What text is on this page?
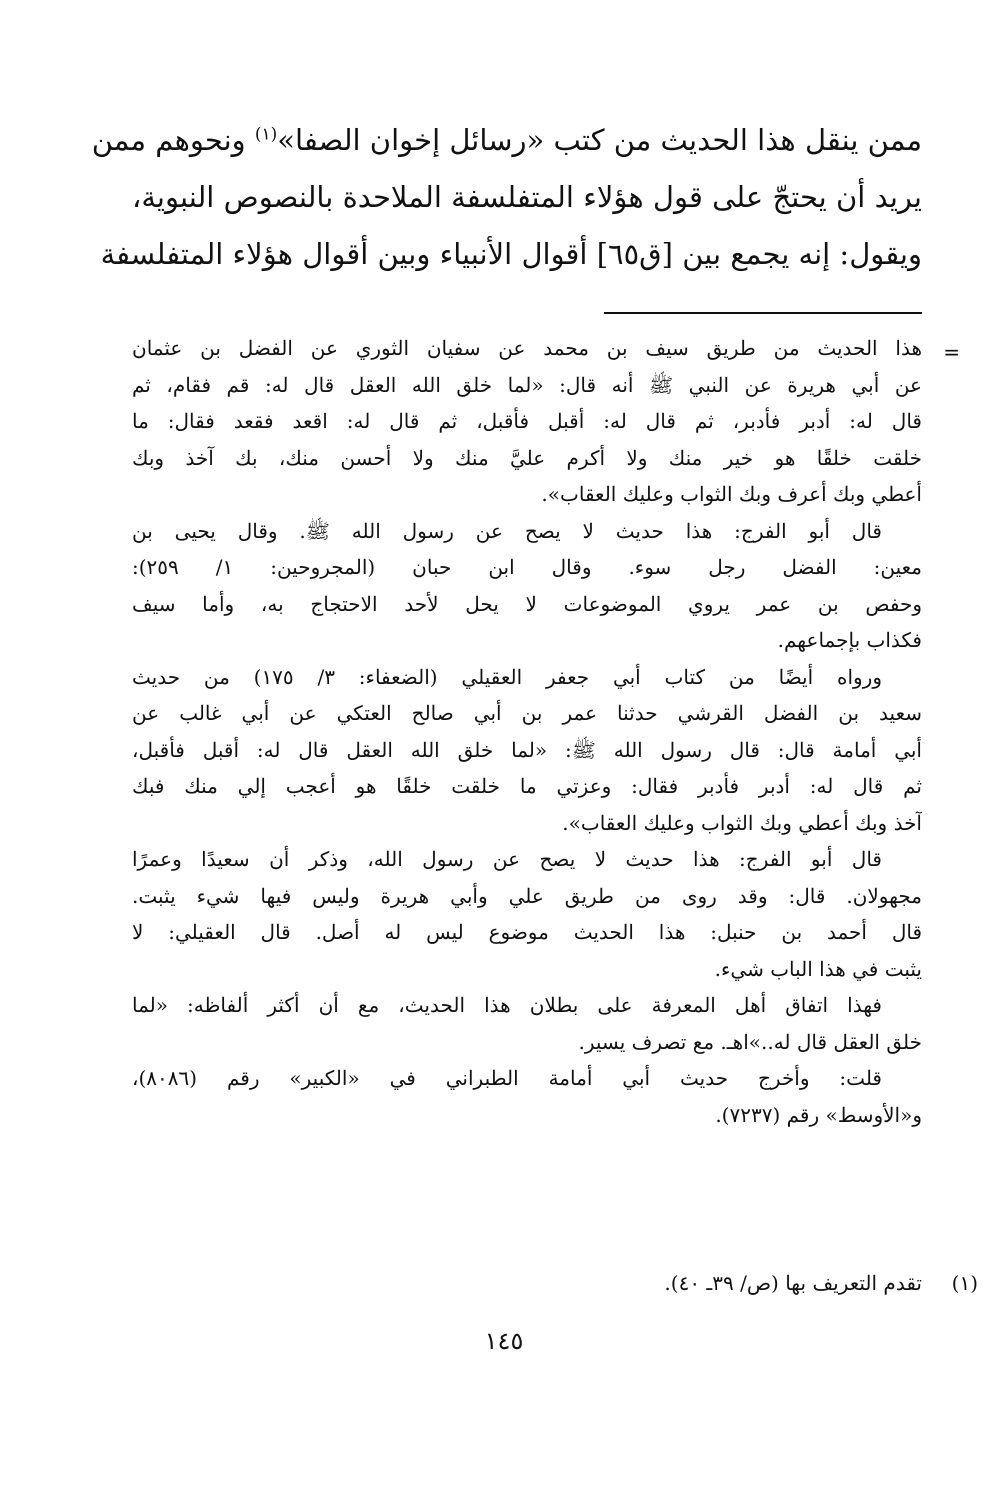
ممن ينقل هذا الحديث من كتب «رسائل إخوان الصفا»$^{(١)}$ ونحوهم ممن
يريد أن يحتجّ على قول هؤلاء المتفلسفة الملاحدة بالنصوص النبوية،
ويقول: إنه يجمع بين [ق٦٥] أقوال الأنبياء وبين أقوال هؤلاء المتفلسفة
=
هذا الحديث من طريق سيف بن محمد عن سفيان الثوري عن الفضل بن عثمان
عن أبي هريرة عن النبي ﷺ أنه قال: «لما خلق الله العقل قال له: قم فقام، ثم
قال له: أدبر فأدبر، ثم قال له: أقبل فأقبل، ثم قال له: اقعد فقعد فقال: ما
خلقت خلقًا هو خير منك ولا أكرم عليَّ منك ولا أحسن منك، بك آخذ وبك
أعطي وبك أعرف وبك الثواب وعليك العقاب».
قال أبو الفرج: هذا حديث لا يصح عن رسول الله ﷺ. وقال يحيى بن
معين: الفضل رجل سوء. وقال ابن حبان (المجروحين: ١/ ٢٥٩):
وحفص بن عمر يروي الموضوعات لا يحل لأحد الاحتجاج به، وأما سيف
فكذاب بإجماعهم.
ورواه أيضًا من كتاب أبي جعفر العقيلي (الضعفاء: ٣/ ١٧٥) من حديث
سعيد بن الفضل القرشي حدثنا عمر بن أبي صالح العتكي عن أبي غالب عن
أبي أمامة قال: قال رسول الله ﷺ: «لما خلق الله العقل قال له: أقبل فأقبل،
ثم قال له: أدبر فأدبر فقال: وعزتي ما خلقت خلقًا هو أعجب إلي منك فبك
آخذ وبك أعطي وبك الثواب وعليك العقاب».
قال أبو الفرج: هذا حديث لا يصح عن رسول الله، وذكر أن سعيدًا وعمرًا
مجهولان. قال: وقد روى من طريق علي وأبي هريرة وليس فيها شيء يثبت.
قال أحمد بن حنبل: هذا الحديث موضوع ليس له أصل. قال العقيلي: لا
يثبت في هذا الباب شيء.
فهذا اتفاق أهل المعرفة على بطلان هذا الحديث، مع أن أكثر ألفاظه: «لما
خلق العقل قال له..»اهـ. مع تصرف يسير.
قلت: وأخرج حديث أبي أمامة الطبراني في «الكبير» رقم (٨٠٨٦)،
و«الأوسط» رقم (٧٢٣٧).
(١)
تقدم التعريف بها (ص/ ٣٩ـ ٤٠).
١٤٥
